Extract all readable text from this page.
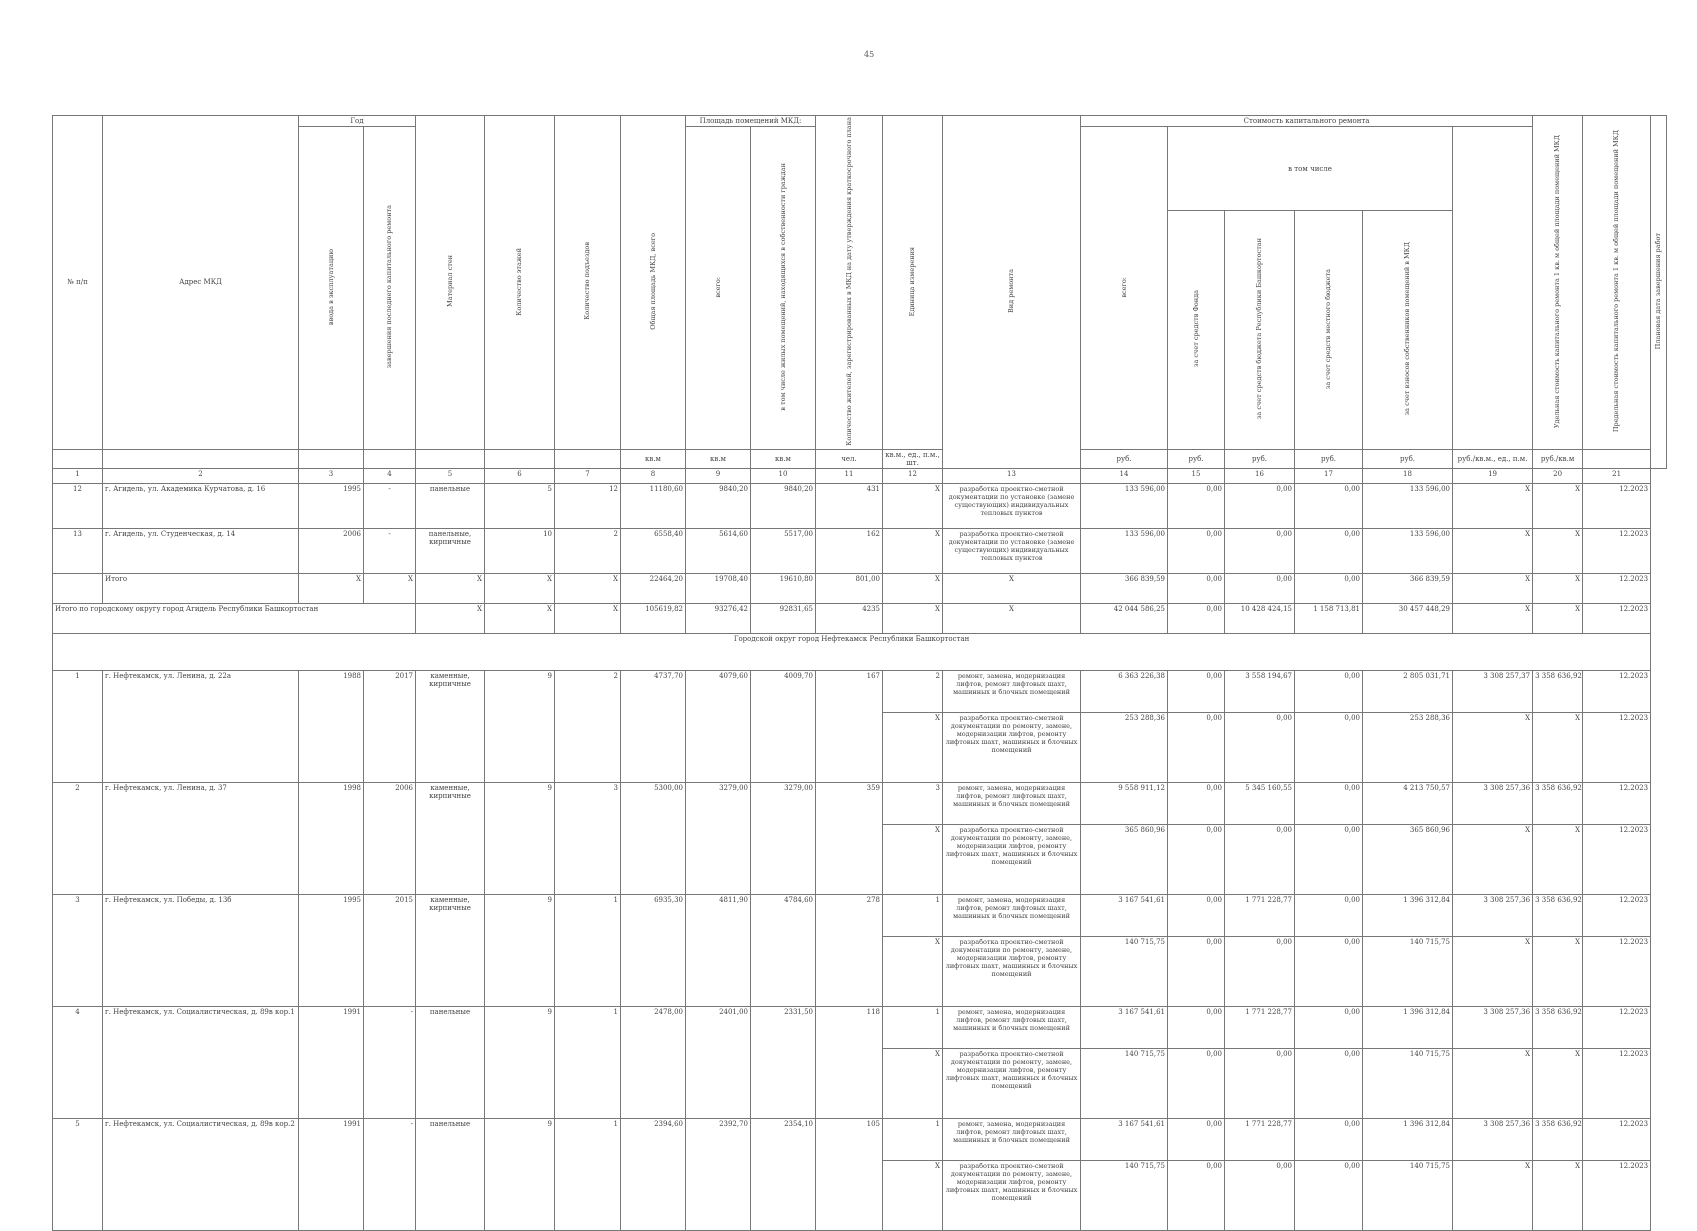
45
№ п/п	Адрес МКД	Год		Материал стен	Количество этажей	Количество подъездов	Общая площадь МКД, всего	Площадь помещений МКД:		Количество жителей, зарегистрированных в МКД на дату утверждения краткосрочного плана	Единица измерения	Вид ремонта	Стоимость капитального ремонта						Удельная стоимость капитального ремонта 1 кв. м общей площади помещений МКД	Предельная стоимость капитального ремонта 1 кв. м общей площади помещений МКД	Плановая дата завершения работ
		ввода в эксплуатацию	завершения последнего капитального ремонта					всего:	в том числе жилых помещений, находящихся в собственности граждан				всего:	в том числе							
														за счет средств Фонда	за счет средств бюджета Республики Башкортостан	за счет средств местного бюджета	за счет взносов собственников помещений в МКД				
							кв.м	кв.м	кв.м	чел.	кв.м., ед., п.м., шт.		руб.	руб.	руб.	руб.	руб.	руб./кв.м., ед., п.м.	руб./кв.м		
1	2	3	4	5	6	7	8	9	10	11	12	13	14	15	16	17	18	19	20	21	
12	г. Агидель, ул. Академика Курчатова, д. 16	1995	-	панельные	5	12	11180,60	9840,20	9840,20	431	X	разработка проектно-сметной документации по установке (замене существующих) индивидуальных тепловых пунктов	133 596,00	0,00	0,00	0,00	133 596,00	X	X	12.2023	
13	г. Агидель, ул. Студенческая, д. 14	2006	-	панельные, кирпичные	10	2	6558,40	5614,60	5517,00	162	X	разработка проектно-сметной документации по установке (замене существующих) индивидуальных тепловых пунктов	133 596,00	0,00	0,00	0,00	133 596,00	X	X	12.2023	
	Итого	X	X	X	X	X	22464,20	19708,40	19610,80	801,00	X	X	366 839,59	0,00	0,00	0,00	366 839,59	X	X	12.2023	
Итого по городскому округу город Агидель Республики Башкортостан				X	X	X	105619,82	93276,42	92831,65	4235	X	X	42 044 586,25	0,00	10 428 424,15	1 158 713,81	30 457 448,29	X	X	12.2023	
Городской округ город Нефтекамск Республики Башкортостан																					
1	г. Нефтекамск, ул. Ленина, д. 22а	1988	2017	каменные, кирпичные	9	2	4737,70	4079,60	4009,70	167	2	ремонт, замена, модернизация лифтов, ремонт лифтовых шахт, машинных и блочных помещений	6 363 226,38	0,00	3 558 194,67	0,00	2 805 031,71	3 308 257,37	3 358 636,92	12.2023	
											X	разработка проектно-сметной документации по ремонту, замене, модернизации лифтов, ремонту лифтовых шахт, машинных и блочных помещений	253 288,36	0,00	0,00	0,00	253 288,36	X	X	12.2023	
2	г. Нефтекамск, ул. Ленина, д. 37	1998	2006	каменные, кирпичные	9	3	5300,00	3279,00	3279,00	359	3	ремонт, замена, модернизация лифтов, ремонт лифтовых шахт, машинных и блочных помещений	9 558 911,12	0,00	5 345 160,55	0,00	4 213 750,57	3 308 257,36	3 358 636,92	12.2023	
											X	разработка проектно-сметной документации по ремонту, замене, модернизации лифтов, ремонту лифтовых шахт, машинных и блочных помещений	365 860,96	0,00	0,00	0,00	365 860,96	X	X	12.2023	
3	г. Нефтекамск, ул. Победы, д. 13б	1995	2015	каменные, кирпичные	9	1	6935,30	4811,90	4784,60	278	1	ремонт, замена, модернизация лифтов, ремонт лифтовых шахт, машинных и блочных помещений	3 167 541,61	0,00	1 771 228,77	0,00	1 396 312,84	3 308 257,36	3 358 636,92	12.2023	
											X	разработка проектно-сметной документации по ремонту, замене, модернизации лифтов, ремонту лифтовых шахт, машинных и блочных помещений	140 715,75	0,00	0,00	0,00	140 715,75	X	X	12.2023	
4	г. Нефтекамск, ул. Социалистическая, д. 89в кор.1	1991	-	панельные	9	1	2478,00	2401,00	2331,50	118	1	ремонт, замена, модернизация лифтов, ремонт лифтовых шахт, машинных и блочных помещений	3 167 541,61	0,00	1 771 228,77	0,00	1 396 312,84	3 308 257,36	3 358 636,92	12.2023	
											X	разработка проектно-сметной документации по ремонту, замене, модернизации лифтов, ремонту лифтовых шахт, машинных и блочных помещений	140 715,75	0,00	0,00	0,00	140 715,75	X	X	12.2023	
5	г. Нефтекамск, ул. Социалистическая, д. 89в кор.2	1991	-	панельные	9	1	2394,60	2392,70	2354,10	105	1	ремонт, замена, модернизация лифтов, ремонт лифтовых шахт, машинных и блочных помещений	3 167 541,61	0,00	1 771 228,77	0,00	1 396 312,84	3 308 257,36	3 358 636,92	12.2023	
											X	разработка проектно-сметной документации по ремонту, замене, модернизации лифтов, ремонту лифтовых шахт, машинных и блочных помещений	140 715,75	0,00	0,00	0,00	140 715,75	X	X	12.2023	
